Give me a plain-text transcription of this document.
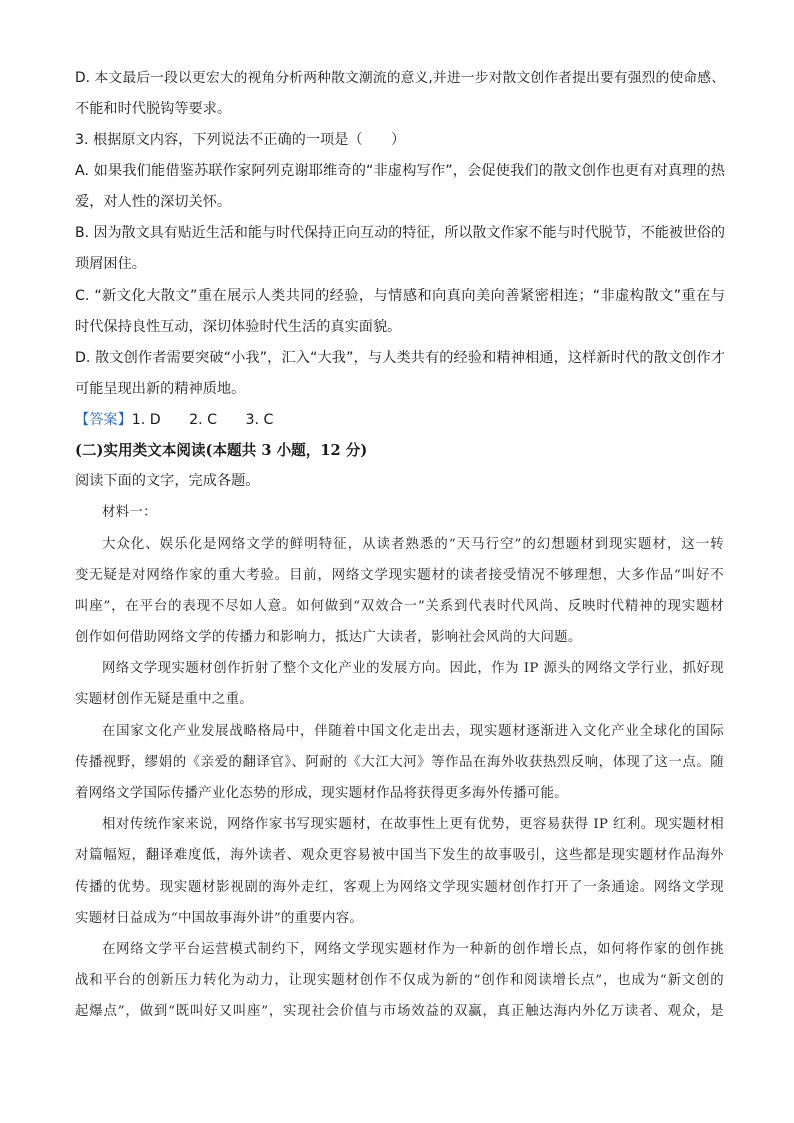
D. 本文最后一段以更宏大的视角分析两种散文潮流的意义,并进一步对散文创作者提出要有强烈的使命感、
不能和时代脱钩等要求。
3. 根据原文内容，下列说法不正确的一项是（　　）
A. 如果我们能借鉴苏联作家阿列克谢耶维奇的“非虚构写作”，会促使我们的散文创作也更有对真理的热
爱，对人性的深切关怀。
B. 因为散文具有贴近生活和能与时代保持正向互动的特征，所以散文作家不能与时代脱节，不能被世俗的
琐屑困住。
C. “新文化大散文”重在展示人类共同的经验，与情感和向真向美向善紧密相连；“非虚构散文”重在与
时代保持良性互动，深切体验时代生活的真实面貌。
D. 散文创作者需要突破“小我”，汇入“大我”，与人类共有的经验和精神相通，这样新时代的散文创作才
可能呈现出新的精神质地。
【答案】1. D　　2. C　　3. C
(二)实用类文本阅读(本题共 3 小题，12 分)
阅读下面的文字，完成各题。
材料一：
大众化、娱乐化是网络文学的鲜明特征，从读者熟悉的“天马行空”的幻想题材到现实题材，这一转
变无疑是对网络作家的重大考验。目前，网络文学现实题材的读者接受情况不够理想，大多作品“叫好不
叫座”，在平台的表现不尽如人意。如何做到“双效合一”关系到代表时代风尚、反映时代精神的现实题材
创作如何借助网络文学的传播力和影响力，抵达广大读者，影响社会风尚的大问题。
网络文学现实题材创作折射了整个文化产业的发展方向。因此，作为 IP 源头的网络文学行业，抓好现
实题材创作无疑是重中之重。
在国家文化产业发展战略格局中，伴随着中国文化走出去，现实题材逐渐进入文化产业全球化的国际
传播视野，缪娟的《亲爱的翻译官》、阿耐的《大江大河》等作品在海外收获热烈反响，体现了这一点。随
着网络文学国际传播产业化态势的形成，现实题材作品将获得更多海外传播可能。
相对传统作家来说，网络作家书写现实题材，在故事性上更有优势，更容易获得 IP 红利。现实题材相
对篇幅短，翻译难度低，海外读者、观众更容易被中国当下发生的故事吸引，这些都是现实题材作品海外
传播的优势。现实题材影视剧的海外走红，客观上为网络文学现实题材创作打开了一条通途。网络文学现
实题材日益成为“中国故事海外讲”的重要内容。
在网络文学平台运营模式制约下，网络文学现实题材作为一种新的创作增长点，如何将作家的创作挑
战和平台的创新压力转化为动力，让现实题材创作不仅成为新的“创作和阅读增长点”，也成为“新文创的
起爆点”，做到“既叫好又叫座”，实现社会价值与市场效益的双赢，真正触达海内外亿万读者、观众，是
